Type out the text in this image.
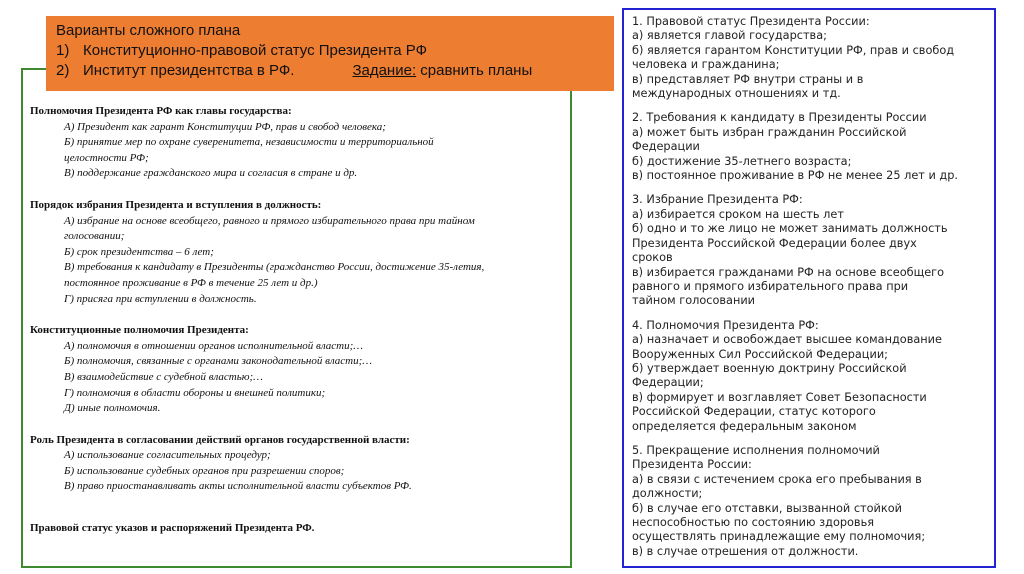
Варианты сложного плана
1) Конституционно-правовой статус Президента РФ
2) Институт президентства в РФ.	Задание: сравнить планы
Полномочия Президента РФ как главы государства:
А) Президент как гарант Конституции РФ, прав и свобод человека;
Б) принятие мер по охране суверенитета, независимости и территориальной
целостности РФ;
В) поддержание гражданского мира и согласия в стране и др.
Порядок избрания Президента и вступления в должность:
А) избрание на основе всеобщего, равного и прямого избирательного права при тайном
голосовании;
Б) срок президентства – 6 лет;
В) требования к кандидату в Президенты (гражданство России, достижение 35-летия,
постоянное проживание в РФ в течение 25 лет и др.)
Г) присяга при вступлении в должность.
Конституционные полномочия Президента:
А) полномочия в отношении органов исполнительной власти;…
Б) полномочия, связанные с органами законодательной власти;…
В) взаимодействие с судебной властью;…
Г) полномочия в области обороны и внешней политики;
Д) иные полномочия.
Роль Президента в согласовании действий органов государственной власти:
А) использование согласительных процедур;
Б) использование судебных органов при разрешении споров;
В) право приостанавливать акты исполнительной власти субъектов РФ.
Правовой статус указов и распоряжений Президента РФ.
1. Правовой статус Президента России:
а) является главой государства;
б) является гарантом Конституции РФ, прав и свобод
человека и гражданина;
в) представляет РФ внутри страны и в
международных отношениях и тд.
2. Требования к кандидату в Президенты России
а) может быть избран гражданин Российской
Федерации
б) достижение 35-летнего возраста;
в) постоянное проживание в РФ не менее 25 лет и др.
3. Избрание Президента РФ:
а) избирается сроком на шесть лет
б) одно и то же лицо не может занимать должность
Президента Российской Федерации более двух
сроков
в) избирается гражданами РФ на основе всеобщего
равного и прямого избирательного права при
тайном голосовании
4. Полномочия Президента РФ:
а) назначает и освобождает высшее командование
Вооруженных Сил Российской Федерации;
б) утверждает военную доктрину Российской
Федерации;
в) формирует и возглавляет Совет Безопасности
Российской Федерации, статус которого
определяется федеральным законом
5. Прекращение исполнения полномочий
Президента России:
а) в связи с истечением срока его пребывания в
должности;
б) в случае его отставки, вызванной стойкой
неспособностью по состоянию здоровья
осуществлять принадлежащие ему полномочия;
в) в случае отрешения от должности.
